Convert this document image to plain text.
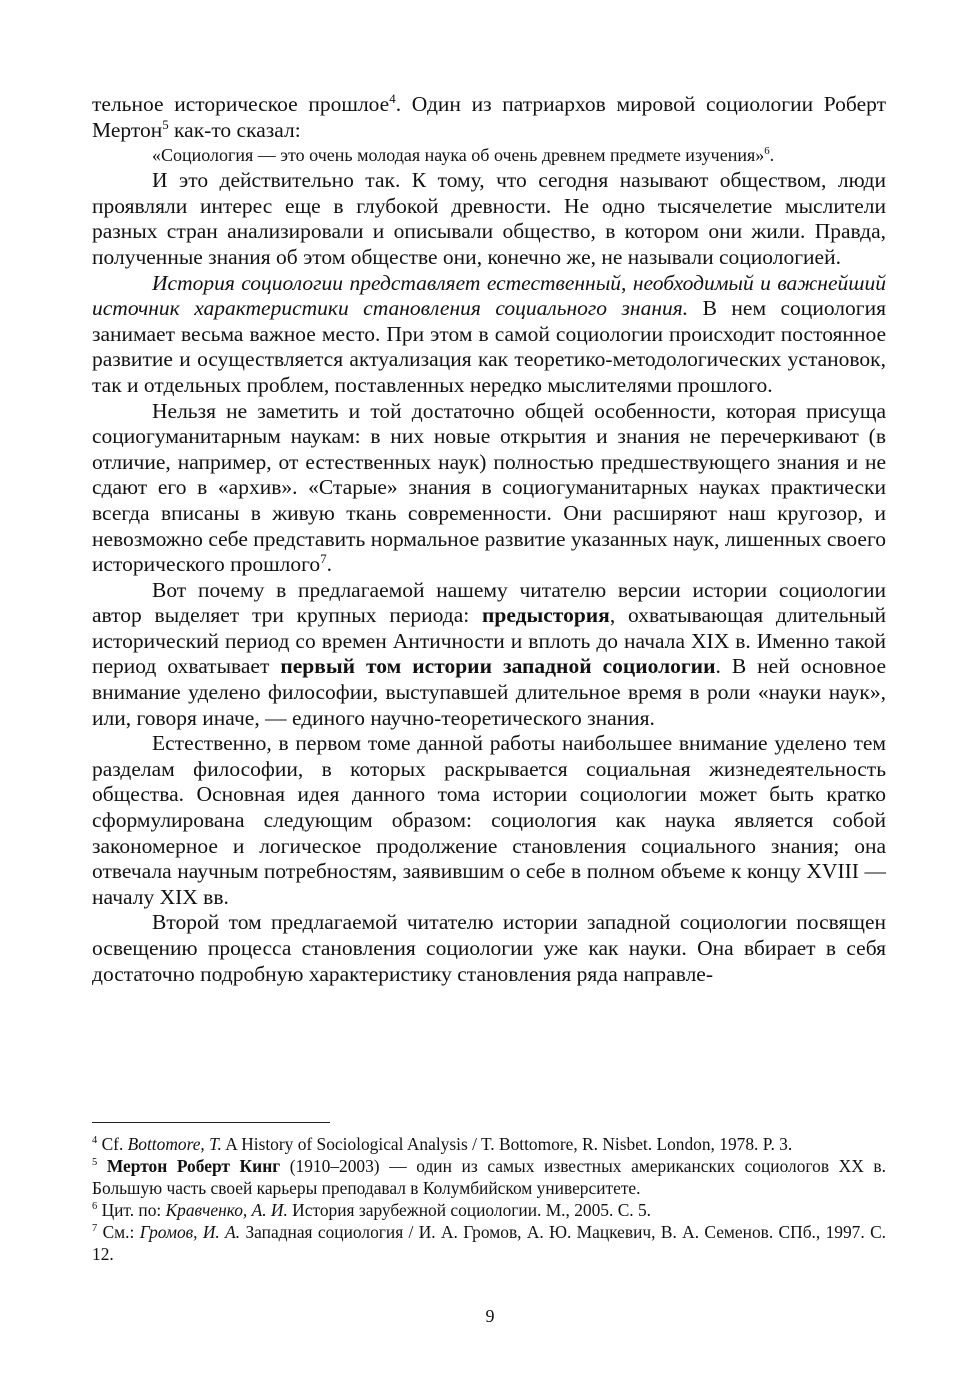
тельное историческое прошлое$^4$. Один из патриархов мировой социологии Роберт Мертон$^5$ как-то сказал:

«Социология — это очень молодая наука об очень древнем предмете изучения»$^6$.

И это действительно так. К тому, что сегодня называют обществом, люди проявляли интерес еще в глубокой древности. Не одно тысячелетие мыслители разных стран анализировали и описывали общество, в котором они жили. Правда, полученные знания об этом обществе они, конечно же, не называли социологией.

История социологии представляет естественный, необходимый и важнейший источник характеристики становления социального знания. В нем социология занимает весьма важное место. При этом в самой социологии происходит постоянное развитие и осуществляется актуализация как теоретико-методологических установок, так и отдельных проблем, поставленных нередко мыслителями прошлого.

Нельзя не заметить и той достаточно общей особенности, которая присуща социогуманитарным наукам: в них новые открытия и знания не перечеркивают (в отличие, например, от естественных наук) полностью предшествующего знания и не сдают его в «архив». «Старые» знания в социогуманитарных науках практически всегда вписаны в живую ткань современности. Они расширяют наш кругозор, и невозможно себе представить нормальное развитие указанных наук, лишенных своего исторического прошлого$^7$.

Вот почему в предлагаемой нашему читателю версии истории социологии автор выделяет три крупных периода: предыстория, охватывающая длительный исторический период со времен Античности и вплоть до начала XIX в. Именно такой период охватывает первый том истории западной социологии. В ней основное внимание уделено философии, выступавшей длительное время в роли «науки наук», или, говоря иначе, — единого научно-теоретического знания.

Естественно, в первом томе данной работы наибольшее внимание уделено тем разделам философии, в которых раскрывается социальная жизнедеятельность общества. Основная идея данного тома истории социологии может быть кратко сформулирована следующим образом: социология как наука является собой закономерное и логическое продолжение становления социального знания; она отвечала научным потребностям, заявившим о себе в полном объеме к концу XVIII — началу XIX вв.

Второй том предлагаемой читателю истории западной социологии посвящен освещению процесса становления социологии уже как науки. Она вбирает в себя достаточно подробную характеристику становления ряда направле-

$^4$ Cf. Bottomore, T. A History of Sociological Analysis / T. Bottomore, R. Nisbet. London, 1978. P. 3.

$^5$ Мертон Роберт Кинг (1910–2003) — один из самых известных американских социологов XX в. Большую часть своей карьеры преподавал в Колумбийском университете.

$^6$ Цит. по: Кравченко, А. И. История зарубежной социологии. М., 2005. С. 5.

$^7$ См.: Громов, И. А. Западная социология / И. А. Громов, А. Ю. Мацкевич, В. А. Семенов. СПб., 1997. С. 12.

9
